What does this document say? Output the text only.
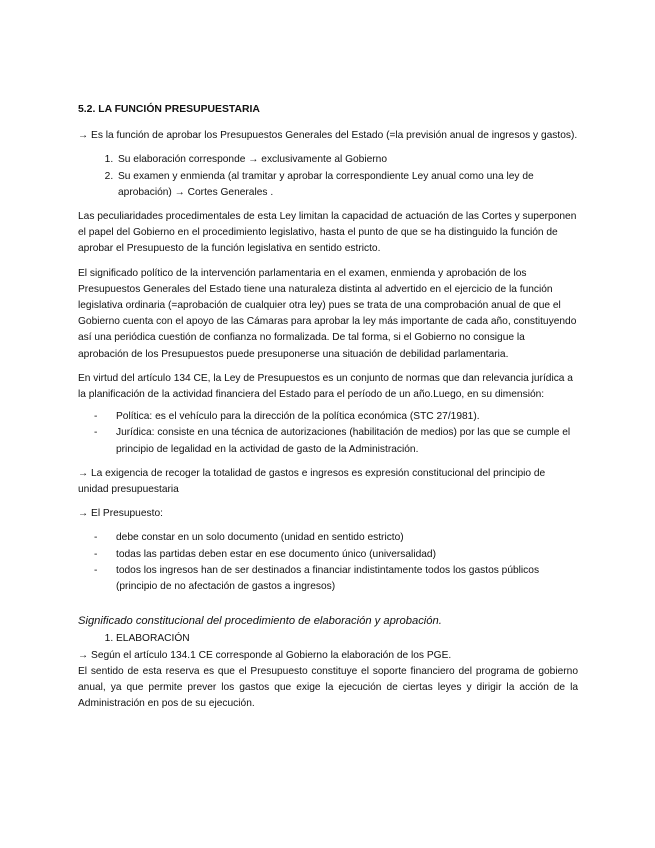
5.2. LA FUNCIÓN PRESUPUESTARIA

→ Es la función de aprobar los Presupuestos Generales del Estado (=la previsión anual de ingresos y gastos).

1. Su elaboración corresponde → exclusivamente al Gobierno
2. Su examen y enmienda (al tramitar y aprobar la correspondiente Ley anual como una ley de aprobación) → Cortes Generales .

Las peculiaridades procedimentales de esta Ley limitan la capacidad de actuación de las Cortes y superponen el papel del Gobierno en el procedimiento legislativo, hasta el punto de que se ha distinguido la función de aprobar el Presupuesto de la función legislativa en sentido estricto.

El significado político de la intervención parlamentaria en el examen, enmienda y aprobación de los Presupuestos Generales del Estado tiene una naturaleza distinta al advertido en el ejercicio de la función legislativa ordinaria (=aprobación de cualquier otra ley) pues se trata de una comprobación anual de que el Gobierno cuenta con el apoyo de las Cámaras para aprobar la ley más importante de cada año, constituyendo así una periódica cuestión de confianza no formalizada. De tal forma, si el Gobierno no consigue la aprobación de los Presupuestos puede presuponerse una situación de debilidad parlamentaria.

En virtud del artículo 134 CE, la Ley de Presupuestos es un conjunto de normas que dan relevancia jurídica a la planificación de la actividad financiera del Estado para el período de un año.Luego, en su dimensión:

- Política: es el vehículo para la dirección de la política económica (STC 27/1981).
- Jurídica: consiste en una técnica de autorizaciones (habilitación de medios) por las que se cumple el principio de legalidad en la actividad de gasto de la Administración.

→ La exigencia de recoger la totalidad de gastos e ingresos es expresión constitucional del principio de unidad presupuestaria

→ El Presupuesto:

- debe constar en un solo documento (unidad en sentido estricto)
- todas las partidas deben estar en ese documento único (universalidad)
- todos los ingresos han de ser destinados a financiar indistintamente todos los gastos públicos (principio de no afectación de gastos a ingresos)
Significado constitucional del procedimiento de elaboración y aprobación.
1. ELABORACIÓN

→ Según el artículo 134.1 CE corresponde al Gobierno la elaboración de los PGE.

El sentido de esta reserva es que el Presupuesto constituye el soporte financiero del programa de gobierno anual, ya que permite prever los gastos que exige la ejecución de ciertas leyes y dirigir la acción de la Administración en pos de su ejecución.
